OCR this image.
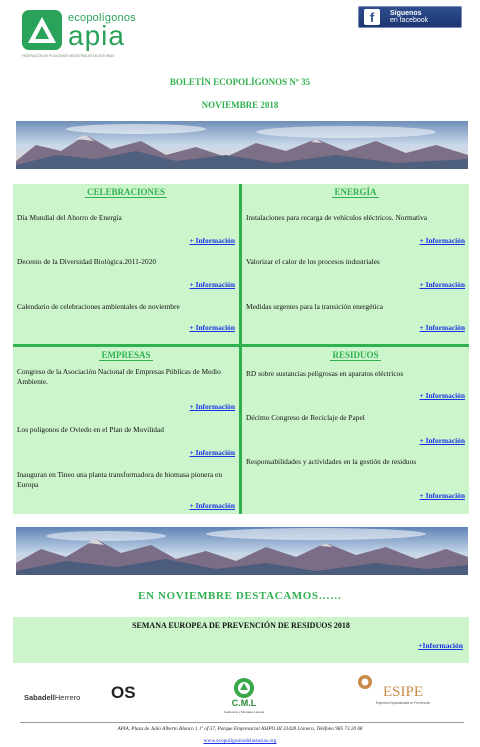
ecopolígonos
apia
FEDERACIÓN DE POLÍGONOS INDUSTRIALES DE ASTURIAS
f	Síguenos
en facebook
BOLETÍN ECOPOLÍGONOS Nº 35
NOVIEMBRE 2018
CELEBRACIONES
Día Mundial del Ahorro de Energía
+ Información
Decenio de la Diversidad Biológica.2011-2020
+ Información
Calendario de celebraciones ambientales de noviembre
+ Información
ENERGÍA
Instalaciones para recarga de vehículos eléctricos. Normativa
+ Información
Valorizar el calor de los procesos industriales
+ Información
Medidas urgentes para la transición energética
+ Información
EMPRESAS
Congreso de la Asociación Nacional de Empresas Públicas de Medio Ambiente.
+ Información
Los polígonos de Oviedo en el Plan de Movilidad
+ Información
Inauguran en Tineo una planta transformadora de biomasa pionera en Europa
+ Información
RESIDUOS
RD sobre sustancias peligrosas en aparatos eléctricos
+ Información
Décimo Congreso de Reciclaje de Papel
+ Información
Responsabilidades y actividades en la gestión de residuos
+ Información
EN NOVIEMBRE DESTACAMOS……
SEMANA EUROPEA DE PREVENCIÓN DE RESIDUOS 2018
+Información
SabadellHerrero OS
C.M.L
Calderería y Montajes Llanera
ESIPE
Empresa Especializada en Prevención
APIA, Plaza de Julio Alberto Blanco 1 1º of 37, Parque Empresarial ASIPO III 33428 Llanera. Teléfono 985 73 20 68
www.ecopoligonosdelasturias.org
